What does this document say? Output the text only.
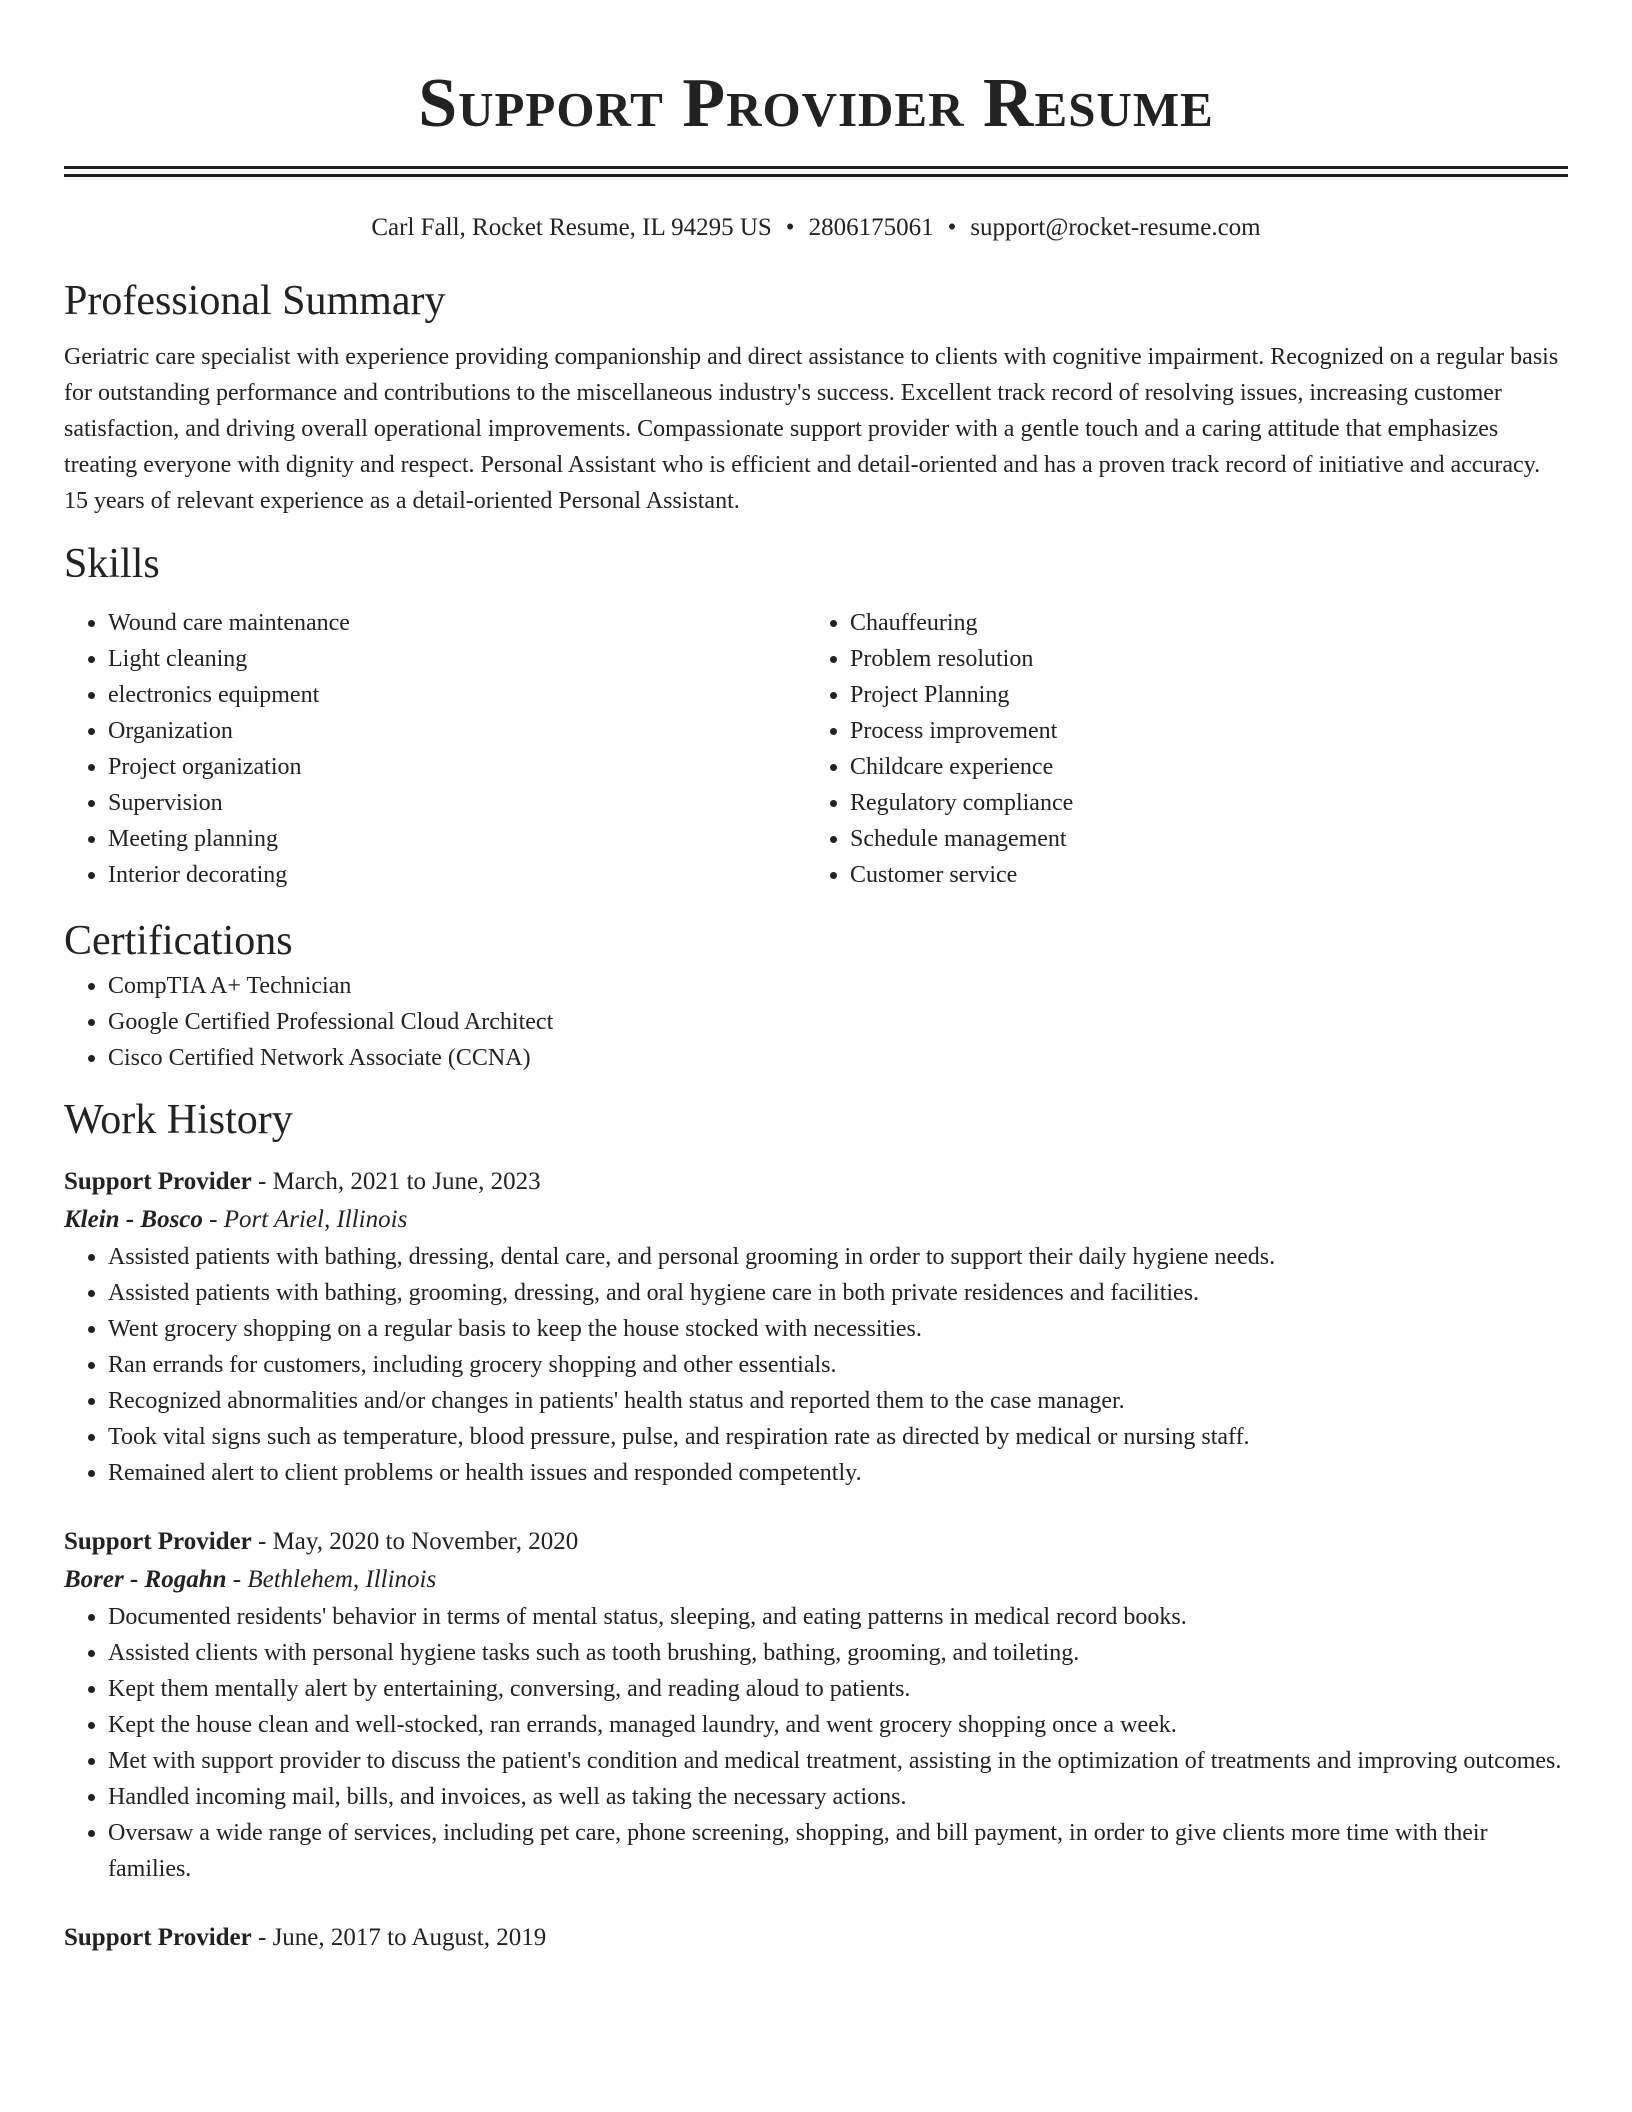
Support Provider Resume
Carl Fall, Rocket Resume, IL 94295 US • 2806175061 • support@rocket-resume.com
Professional Summary

Geriatric care specialist with experience providing companionship and direct assistance to clients with cognitive impairment. Recognized on a regular basis for outstanding performance and contributions to the miscellaneous industry's success. Excellent track record of resolving issues, increasing customer satisfaction, and driving overall operational improvements. Compassionate support provider with a gentle touch and a caring attitude that emphasizes treating everyone with dignity and respect. Personal Assistant who is efficient and detail-oriented and has a proven track record of initiative and accuracy. 15 years of relevant experience as a detail-oriented Personal Assistant.

Skills
• Wound care maintenance
• Light cleaning
• electronics equipment
• Organization
• Project organization
• Supervision
• Meeting planning
• Interior decorating
• Chauffeuring
• Problem resolution
• Project Planning
• Process improvement
• Childcare experience
• Regulatory compliance
• Schedule management
• Customer service
Certifications
• CompTIA A+ Technician
• Google Certified Professional Cloud Architect
• Cisco Certified Network Associate (CCNA)
Work History
Support Provider - March, 2021 to June, 2023
Klein - Bosco - Port Ariel, Illinois
• Assisted patients with bathing, dressing, dental care, and personal grooming in order to support their daily hygiene needs.
• Assisted patients with bathing, grooming, dressing, and oral hygiene care in both private residences and facilities.
• Went grocery shopping on a regular basis to keep the house stocked with necessities.
• Ran errands for customers, including grocery shopping and other essentials.
• Recognized abnormalities and/or changes in patients' health status and reported them to the case manager.
• Took vital signs such as temperature, blood pressure, pulse, and respiration rate as directed by medical or nursing staff.
• Remained alert to client problems or health issues and responded competently.
Support Provider - May, 2020 to November, 2020
Borer - Rogahn - Bethlehem, Illinois
• Documented residents' behavior in terms of mental status, sleeping, and eating patterns in medical record books.
• Assisted clients with personal hygiene tasks such as tooth brushing, bathing, grooming, and toileting.
• Kept them mentally alert by entertaining, conversing, and reading aloud to patients.
• Kept the house clean and well-stocked, ran errands, managed laundry, and went grocery shopping once a week.
• Met with support provider to discuss the patient's condition and medical treatment, assisting in the optimization of treatments and improving outcomes.
• Handled incoming mail, bills, and invoices, as well as taking the necessary actions.
• Oversaw a wide range of services, including pet care, phone screening, shopping, and bill payment, in order to give clients more time with their families.
Support Provider - June, 2017 to August, 2019
